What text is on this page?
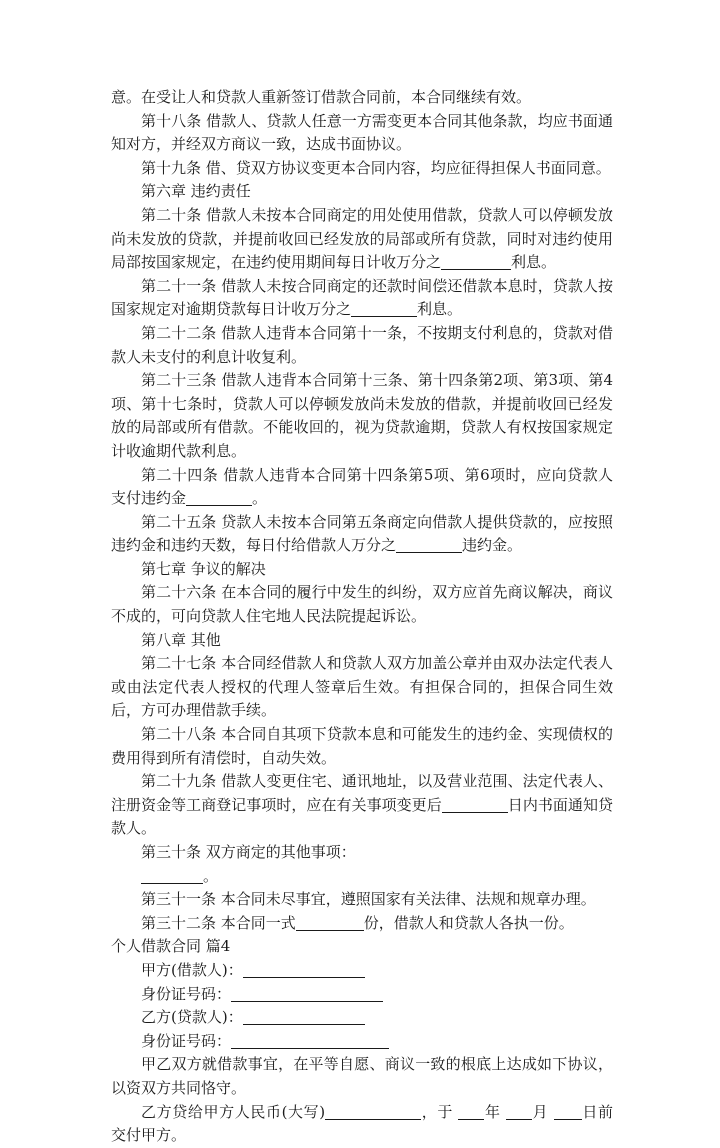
意。在受让人和贷款人重新签订借款合同前，本合同继续有效。

第十八条 借款人、贷款人任意一方需变更本合同其他条款，均应书面通知对方，并经双方商议一致，达成书面协议。

第十九条 借、贷双方协议变更本合同内容，均应征得担保人书面同意。

第六章 违约责任

第二十条 借款人未按本合同商定的用处使用借款，贷款人可以停顿发放尚未发放的贷款，并提前收回已经发放的局部或所有贷款，同时对违约使用局部按国家规定，在违约使用期间每日计收万分之	利息。

第二十一条 借款人未按合同商定的还款时间偿还借款本息时，贷款人按国家规定对逾期贷款每日计收万分之	利息。

第二十二条 借款人违背本合同第十一条，不按期支付利息的，贷款对借款人未支付的利息计收复利。

第二十三条 借款人违背本合同第十三条、第十四条第2项、第3项、第4项、第十七条时，贷款人可以停顿发放尚未发放的借款，并提前收回已经发放的局部或所有借款。不能收回的，视为贷款逾期，贷款人有权按国家规定计收逾期代款利息。

第二十四条 借款人违背本合同第十四条第5项、第6项时，应向贷款人支付违约金	。

第二十五条 贷款人未按本合同第五条商定向借款人提供贷款的，应按照违约金和违约天数，每日付给借款人万分之	违约金。

第七章 争议的解决

第二十六条 在本合同的履行中发生的纠纷，双方应首先商议解决，商议不成的，可向贷款人住宅地人民法院提起诉讼。

第八章 其他

第二十七条 本合同经借款人和贷款人双方加盖公章并由双办法定代表人或由法定代表人授权的代理人签章后生效。有担保合同的，担保合同生效后，方可办理借款手续。

第二十八条 本合同自其项下贷款本息和可能发生的违约金、实现债权的费用得到所有清偿时，自动失效。

第二十九条 借款人变更住宅、通讯地址，以及营业范围、法定代表人、注册资金等工商登记事项时，应在有关事项变更后	日内书面通知贷款人。

第三十条 双方商定的其他事项：

。

第三十一条 本合同未尽事宜，遵照国家有关法律、法规和规章办理。

第三十二条 本合同一式	份，借款人和贷款人各执一份。

个人借款合同 篇4

甲方(借款人)：

身份证号码：

乙方(贷款人)：

身份证号码：

甲乙双方就借款事宜，在平等自愿、商议一致的根底上达成如下协议，以资双方共同恪守。

乙方贷给甲方人民币(大写)	，于 年 月 日前交付甲方。
